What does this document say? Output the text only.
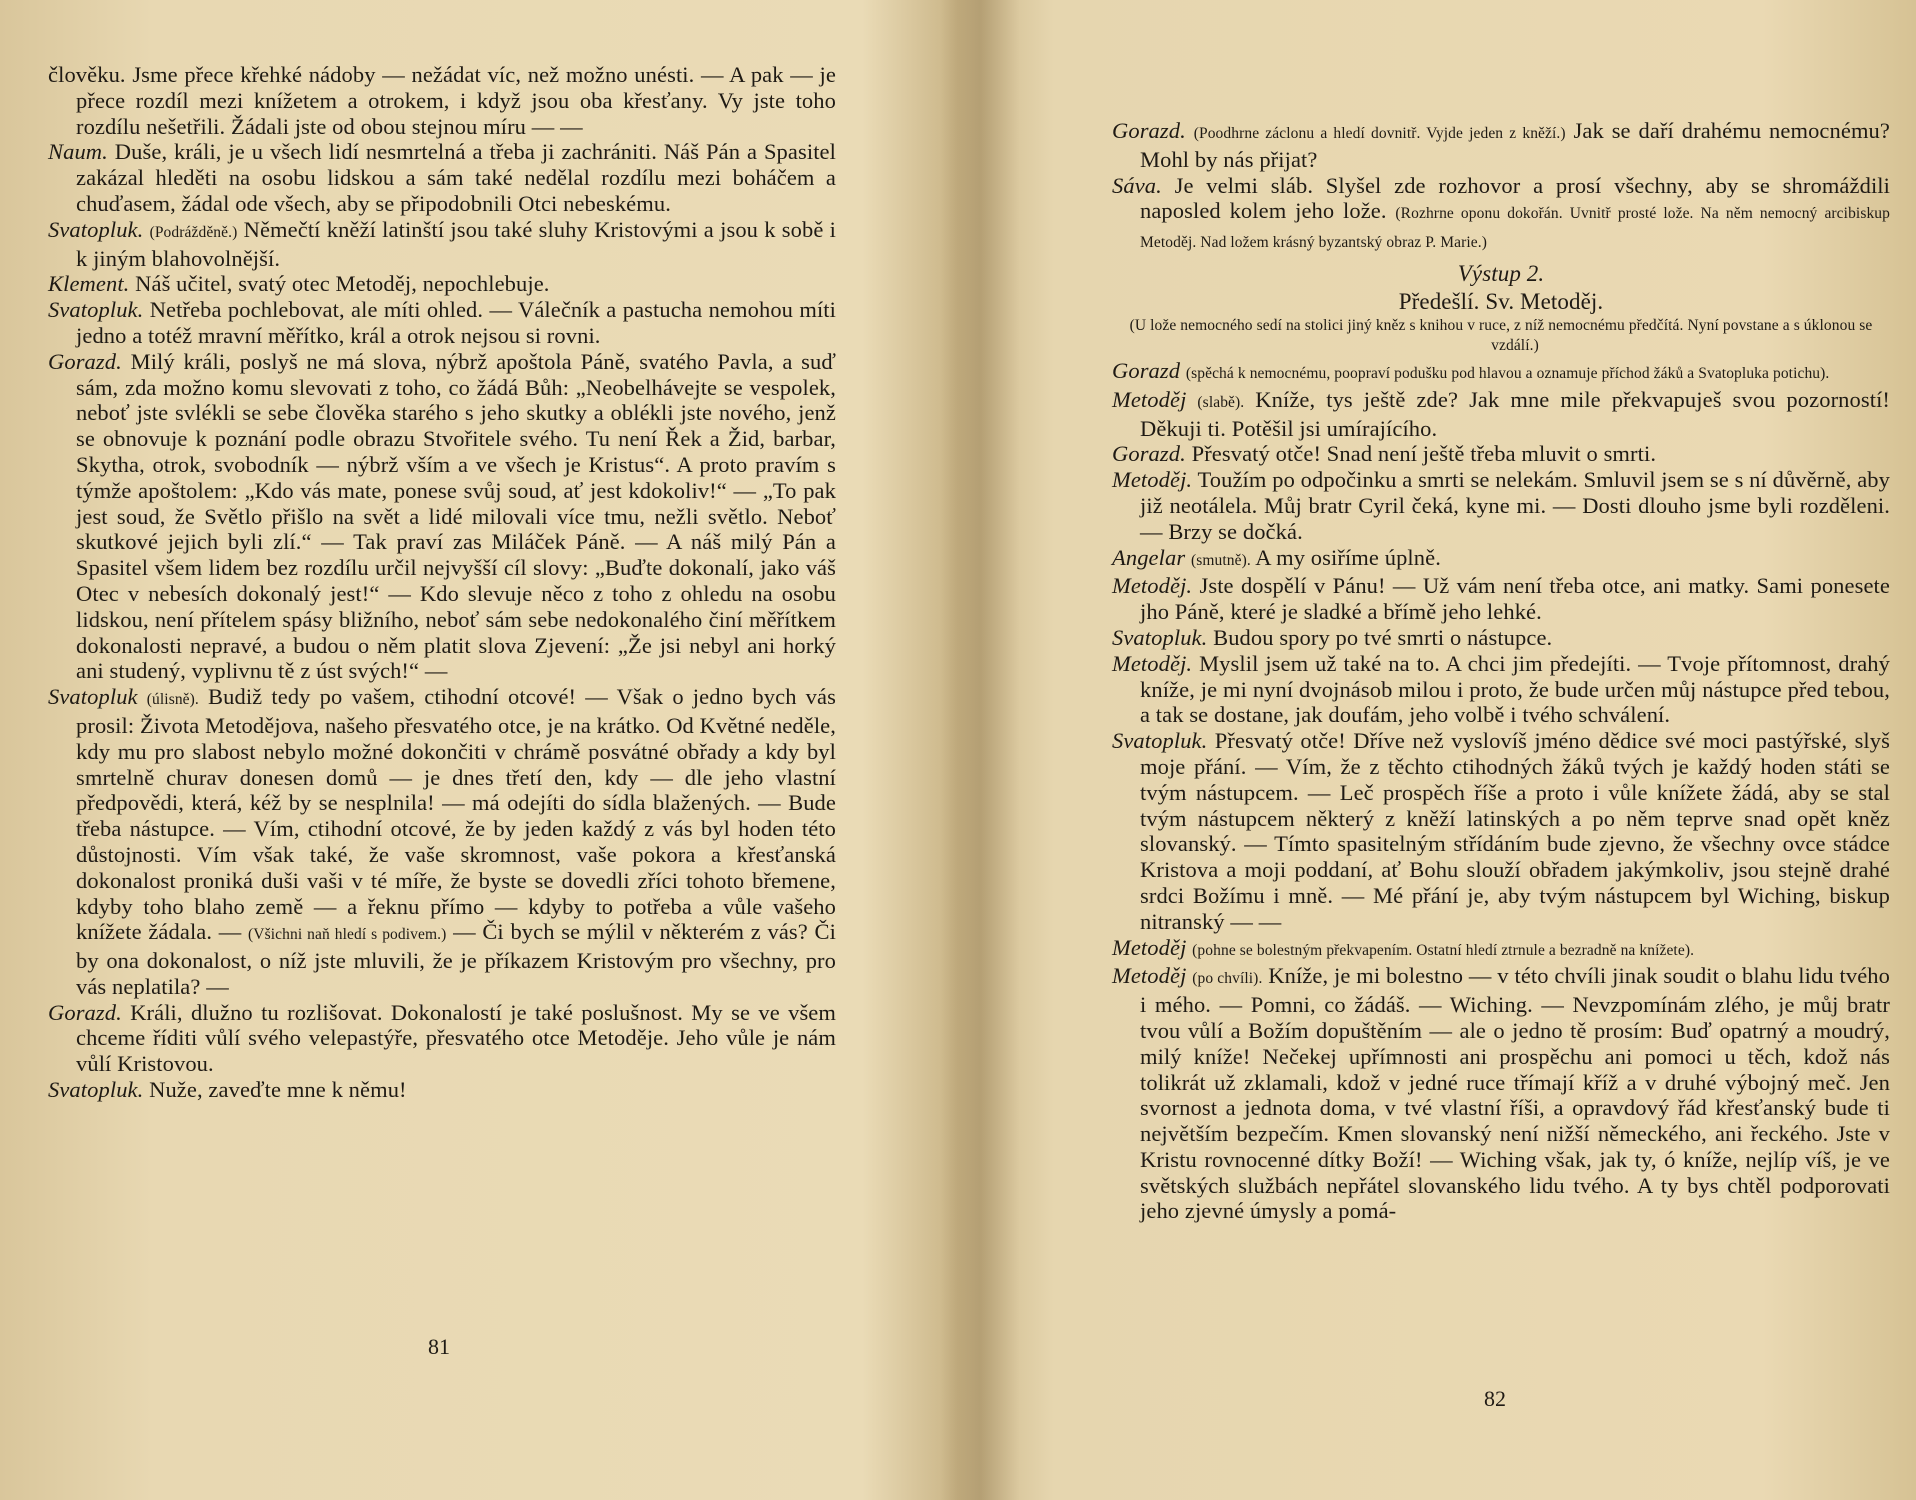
člověku. Jsme přece křehké nádoby — nežádat víc, než možno unésti. — A pak — je přece rozdíl mezi knížetem a otrokem, i když jsou oba křesťany. Vy jste toho rozdílu nešetřili. Žádali jste od obou stejnou míru — —

Naum. Duše, králi, je u všech lidí nesmrtelná a třeba ji zachrániti. Náš Pán a Spasitel zakázal hleděti na osobu lidskou a sám také nedělal rozdílu mezi boháčem a chuďasem, žádal ode všech, aby se připodobnili Otci nebeskému.

Svatopluk. (Podrážděně.) Němečtí kněží latinští jsou také sluhy Kristovými a jsou k sobě i k jiným blahovolnější.

Klement. Náš učitel, svatý otec Metoděj, nepochlebuje.

Svatopluk. Netřeba pochlebovat, ale míti ohled. — Válečník a pastucha nemohou míti jedno a totéž mravní měřítko, král a otrok nejsou si rovni.

Gorazd. Milý králi, poslyš ne má slova, nýbrž apoštola Páně, svatého Pavla, a suď sám, zda možno komu slevovati z toho, co žádá Bůh: „Neobelhávejte se vespolek, neboť jste svlékli se sebe člověka starého s jeho skutky a oblékli jste nového, jenž se obnovuje k poznání podle obrazu Stvořitele svého. Tu není Řek a Žid, barbar, Skytha, otrok, svobodník — nýbrž vším a ve všech je Kristus“. A proto pravím s týmže apoštolem: „Kdo vás mate, ponese svůj soud, ať jest kdokoliv!“ — „To pak jest soud, že Světlo přišlo na svět a lidé milovali více tmu, nežli světlo. Neboť skutkové jejich byli zlí.“ — Tak praví zas Miláček Páně. — A náš milý Pán a Spasitel všem lidem bez rozdílu určil nejvyšší cíl slovy: „Buďte dokonalí, jako váš Otec v nebesích dokonalý jest!“ — Kdo slevuje něco z toho z ohledu na osobu lidskou, není přítelem spásy bližního, neboť sám sebe nedokonalého činí měřítkem dokonalosti nepravé, a budou o něm platit slova Zjevení: „Že jsi nebyl ani horký ani studený, vyplivnu tě z úst svých!“ —

Svatopluk (úlisně). Budiž tedy po vašem, ctihodní otcové! — Však o jedno bych vás prosil: Života Metodějova, našeho přesvatého otce, je na krátko. Od Květné neděle, kdy mu pro slabost nebylo možné dokončiti v chrámě posvátné obřady a kdy byl smrtelně churav donesen domů — je dnes třetí den, kdy — dle jeho vlastní předpovědi, která, kéž by se nesplnila! — má odejíti do sídla blažených. — Bude třeba nástupce. — Vím, ctihodní otcové, že by jeden každý z vás byl hoden této důstojnosti. Vím však také, že vaše skromnost, vaše pokora a křesťanská dokonalost proniká duši vaši v té míře, že byste se dovedli zříci tohoto břemene, kdyby toho blaho země — a řeknu přímo — kdyby to potřeba a vůle vašeho knížete žádala. — (Všichni naň hledí s podivem.) — Či bych se mýlil v některém z vás? Či by ona dokonalost, o níž jste mluvili, že je příkazem Kristovým pro všechny, pro vás neplatila? —

Gorazd. Králi, dlužno tu rozlišovat. Dokonalostí je také poslušnost. My se ve všem chceme říditi vůlí svého velepastýře, přesvatého otce Metoděje. Jeho vůle je nám vůlí Kristovou.

Svatopluk. Nuže, zaveďte mne k němu!

81

Gorazd. (Poodhrne záclonu a hledí dovnitř. Vyjde jeden z kněží.) Jak se daří drahému nemocnému? Mohl by nás přijat?

Sáva. Je velmi sláb. Slyšel zde rozhovor a prosí všechny, aby se shromáždili naposled kolem jeho lože. (Rozhrne oponu dokořán. Uvnitř prosté lože. Na něm nemocný arcibiskup Metoděj. Nad ložem krásný byzantský obraz P. Marie.)

Výstup 2.

Předešlí. Sv. Metoděj.

(U lože nemocného sedí na stolici jiný kněz s knihou v ruce, z níž nemocnému předčítá. Nyní povstane a s úklonou se vzdálí.)

Gorazd (spěchá k nemocnému, poopraví podušku pod hlavou a oznamuje příchod žáků a Svatopluka potichu).

Metoděj (slabě). Kníže, tys ještě zde? Jak mne mile překvapuješ svou pozorností! Děkuji ti. Potěšil jsi umírajícího.

Gorazd. Přesvatý otče! Snad není ještě třeba mluvit o smrti.

Metoděj. Toužím po odpočinku a smrti se nelekám. Smluvil jsem se s ní důvěrně, aby již neotálela. Můj bratr Cyril čeká, kyne mi. — Dosti dlouho jsme byli rozděleni. — Brzy se dočká.

Angelar (smutně). A my osiříme úplně.

Metoděj. Jste dospělí v Pánu! — Už vám není třeba otce, ani matky. Sami ponesete jho Páně, které je sladké a břímě jeho lehké.

Svatopluk. Budou spory po tvé smrti o nástupce.

Metoděj. Myslil jsem už také na to. A chci jim předejíti. — Tvoje přítomnost, drahý kníže, je mi nyní dvojnásob milou i proto, že bude určen můj nástupce před tebou, a tak se dostane, jak doufám, jeho volbě i tvého schválení.

Svatopluk. Přesvatý otče! Dříve než vyslovíš jméno dědice své moci pastýřské, slyš moje přání. — Vím, že z těchto ctihodných žáků tvých je každý hoden státi se tvým nástupcem. — Leč prospěch říše a proto i vůle knížete žádá, aby se stal tvým nástupcem některý z kněží latinských a po něm teprve snad opět kněz slovanský. — Tímto spasitelným střídáním bude zjevno, že všechny ovce stádce Kristova a moji poddaní, ať Bohu slouží obřadem jakýmkoliv, jsou stejně drahé srdci Božímu i mně. — Mé přání je, aby tvým nástupcem byl Wiching, biskup nitranský — —

Metoděj (pohne se bolestným překvapením. Ostatní hledí ztrnule a bezradně na knížete).

Metoděj (po chvíli). Kníže, je mi bolestno — v této chvíli jinak soudit o blahu lidu tvého i mého. — Pomni, co žádáš. — Wiching. — Nevzpomínám zlého, je můj bratr tvou vůlí a Božím dopuštěním — ale o jedno tě prosím: Buď opatrný a moudrý, milý kníže! Nečekej upřímnosti ani prospěchu ani pomoci u těch, kdož nás tolikrát už zklamali, kdož v jedné ruce třímají kříž a v druhé výbojný meč. Jen svornost a jednota doma, v tvé vlastní říši, a opravdový řád křesťanský bude ti největším bezpečím. Kmen slovanský není nižší německého, ani řeckého. Jste v Kristu rovnocenné dítky Boží! — Wiching však, jak ty, ó kníže, nejlíp víš, je ve světských službách nepřátel slovanského lidu tvého. A ty bys chtěl podporovati jeho zjevné úmysly a pomá-

82
